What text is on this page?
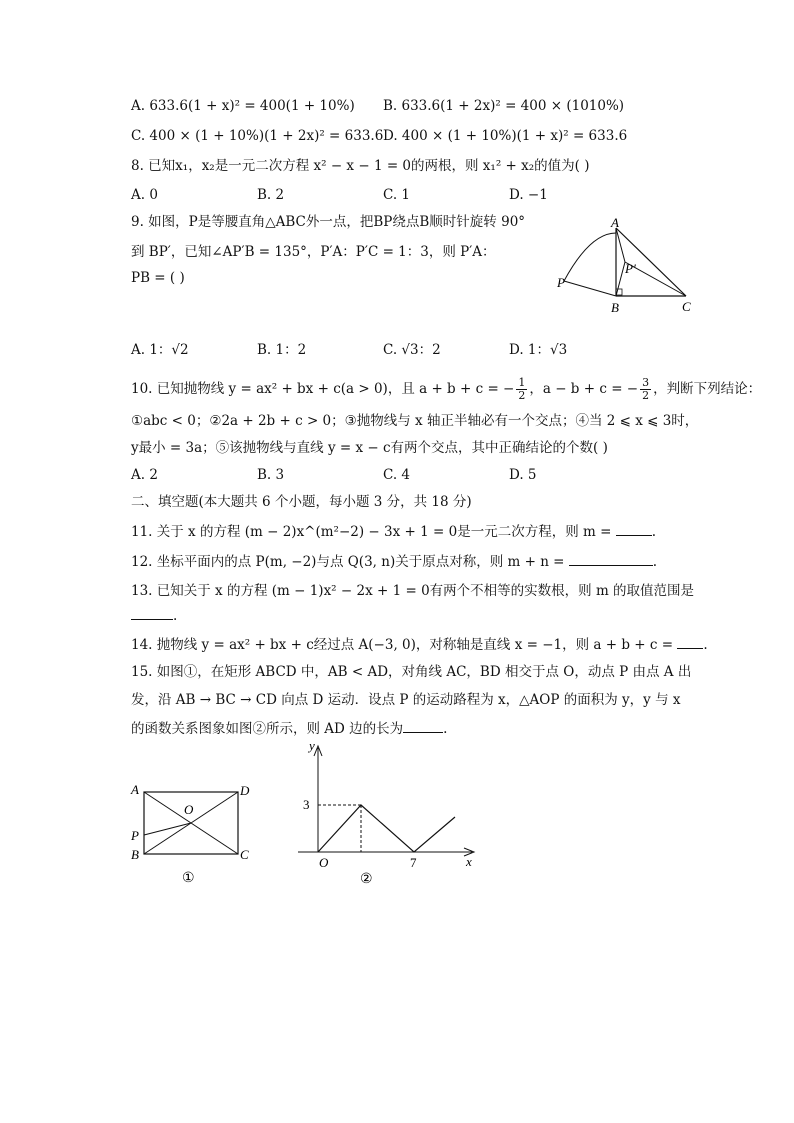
A. 633.6(1 + x)² = 400(1 + 10%) B. 633.6(1 + 2x)² = 400 × (1010%)
C. 400 × (1 + 10%)(1 + 2x)² = 633.6 D. 400 × (1 + 10%)(1 + x)² = 633.6
8. 已知x₁，x₂是一元二次方程 x² − x − 1 = 0的两根，则 x₁² + x₂的值为( )
A. 0	B. 2	C. 1	D. −1
9. 如图，P是等腰直角△ABC外一点，把BP绕点B顺时针旋转 90°
到 BP′，已知∠AP′B = 135°，P′A：P′C = 1：3，则 P′A：
PB = ( )
A
P′
P
B	C
A. 1：√2	B. 1：2	C. √3：2	D. 1：√3
10. 已知抛物线 y = ax² + bx + c(a > 0)，且 a + b + c = − $\frac{1}{2}$ ，a − b + c = − $\frac{3}{2}$ ，判断下列结论：
①abc < 0；②2a + 2b + c > 0；③抛物线与 x 轴正半轴必有一个交点；④当 2 ⩽ x ⩽ 3时，
y最小 = 3a；⑤该抛物线与直线 y = x − c有两个交点，其中正确结论的个数( )
A. 2	B. 3	C. 4	D. 5
二、填空题(本大题共 6 个小题，每小题 3 分，共 18 分)
11. 关于 x 的方程 (m − 2)x^(m²−2) − 3x + 1 = 0是一元二次方程，则 m =	.
12. 坐标平面内的点 P(m, −2)与点 Q(3, n)关于原点对称，则 m + n =	.
13. 已知关于 x 的方程 (m − 1)x² − 2x + 1 = 0有两个不相等的实数根，则 m 的取值范围是
.
14. 抛物线 y = ax² + bx + c经过点 A(−3, 0)，对称轴是直线 x = −1，则 a + b + c = .
15. 如图①，在矩形 ABCD 中，AB < AD，对角线 AC，BD 相交于点 O，动点 P 由点 A 出
发，沿 AB → BC → CD 向点 D 运动．设点 P 的运动路程为 x，△AOP 的面积为 y，y 与 x
的函数关系图象如图②所示，则 AD 边的长为	.
A	D
O
P
B	C
①
y
x
3
O	7
②
